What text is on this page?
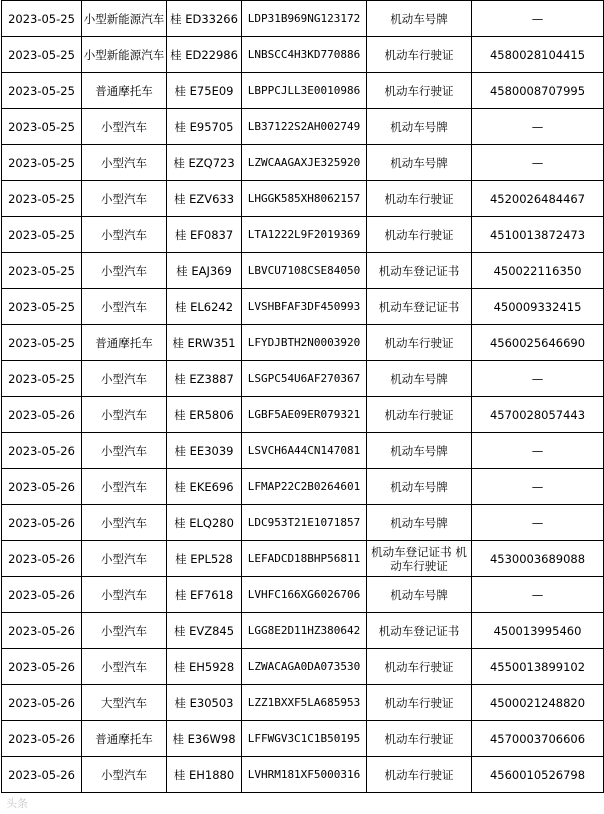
2023-05-25	小型新能源汽车	桂 ED33266	LDP31B969NG123172	机动车号牌	—
2023-05-25	小型新能源汽车	桂 ED22986	LNBSCC4H3KD770886	机动车行驶证	4580028104415
2023-05-25	普通摩托车	桂 E75E09	LBPPCJLL3E0010986	机动车行驶证	4580008707995
2023-05-25	小型汽车	桂 E95705	LB37122S2AH002749	机动车号牌	—
2023-05-25	小型汽车	桂 EZQ723	LZWCAAGAXJE325920	机动车号牌	—
2023-05-25	小型汽车	桂 EZV633	LHGGK585XH8062157	机动车行驶证	4520026484467
2023-05-25	小型汽车	桂 EF0837	LTA1222L9F2019369	机动车行驶证	4510013872473
2023-05-25	小型汽车	桂 EAJ369	LBVCU7108CSE84050	机动车登记证书	450022116350
2023-05-25	小型汽车	桂 EL6242	LVSHBFAF3DF450993	机动车登记证书	450009332415
2023-05-25	普通摩托车	桂 ERW351	LFYDJBTH2N0003920	机动车行驶证	4560025646690
2023-05-25	小型汽车	桂 EZ3887	LSGPC54U6AF270367	机动车号牌	—
2023-05-26	小型汽车	桂 ER5806	LGBF5AE09ER079321	机动车行驶证	4570028057443
2023-05-26	小型汽车	桂 EE3039	LSVCH6A44CN147081	机动车号牌	—
2023-05-26	小型汽车	桂 EKE696	LFMAP22C2B0264601	机动车号牌	—
2023-05-26	小型汽车	桂 ELQ280	LDC953T21E1071857	机动车号牌	—
2023-05-26	小型汽车	桂 EPL528	LEFADCD18BHP56811	机动车登记证书 机动车行驶证	4530003689088
2023-05-26	小型汽车	桂 EF7618	LVHFC166XG6026706	机动车号牌	—
2023-05-26	小型汽车	桂 EVZ845	LGG8E2D11HZ380642	机动车登记证书	450013995460
2023-05-26	小型汽车	桂 EH5928	LZWACAGA0DA073530	机动车行驶证	4550013899102
2023-05-26	大型汽车	桂 E30503	LZZ1BXXF5LA685953	机动车行驶证	4500021248820
2023-05-26	普通摩托车	桂 E36W98	LFFWGV3C1C1B50195	机动车行驶证	4570003706606
2023-05-26	小型汽车	桂 EH1880	LVHRM181XF5000316	机动车行驶证	4560010526798
头条
